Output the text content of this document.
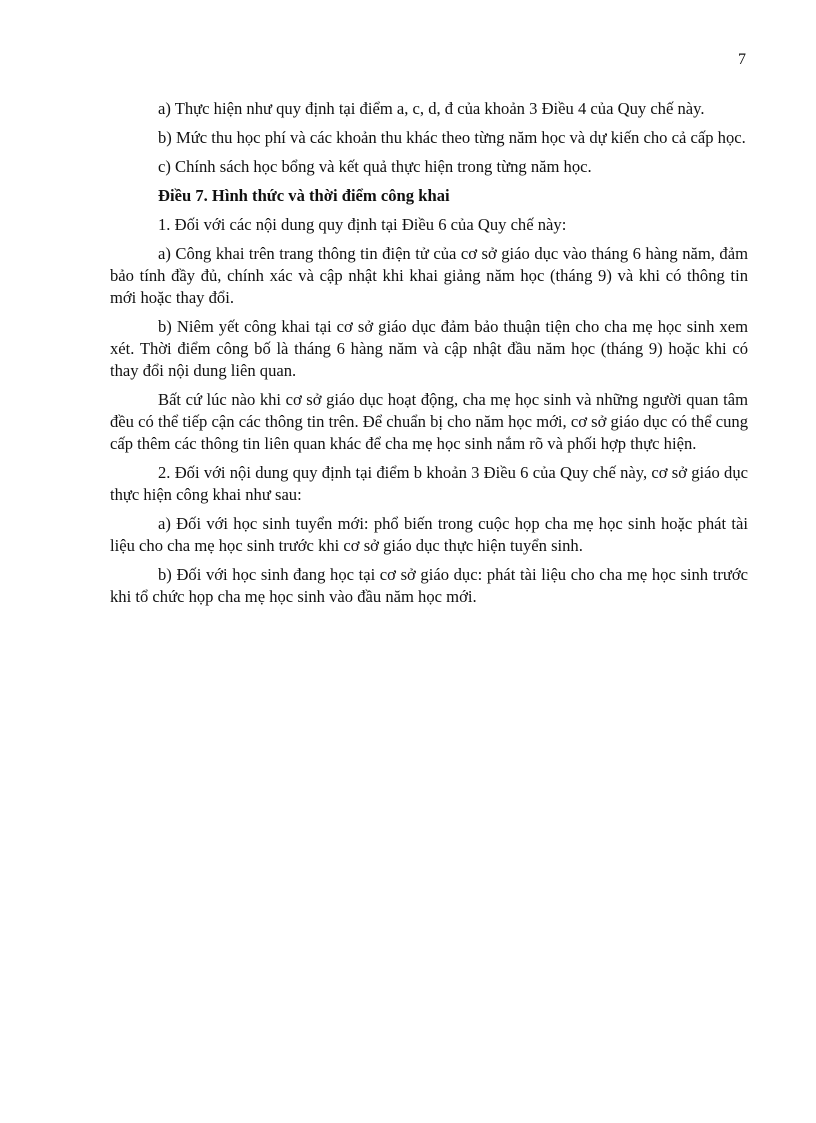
7

a) Thực hiện như quy định tại điểm a, c, d, đ của khoản 3 Điều 4 của Quy chế này.

b) Mức thu học phí và các khoản thu khác theo từng năm học và dự kiến cho cả cấp học.

c) Chính sách học bổng và kết quả thực hiện trong từng năm học.

Điều 7. Hình thức và thời điểm công khai

1. Đối với các nội dung quy định tại Điều 6 của Quy chế này:

a) Công khai trên trang thông tin điện tử của cơ sở giáo dục vào tháng 6 hàng năm, đảm bảo tính đầy đủ, chính xác và cập nhật khi khai giảng năm học (tháng 9) và khi có thông tin mới hoặc thay đổi.

b) Niêm yết công khai tại cơ sở giáo dục đảm bảo thuận tiện cho cha mẹ học sinh xem xét. Thời điểm công bố là tháng 6 hàng năm và cập nhật đầu năm học (tháng 9) hoặc khi có thay đổi nội dung liên quan.

Bất cứ lúc nào khi cơ sở giáo dục hoạt động, cha mẹ học sinh và những người quan tâm đều có thể tiếp cận các thông tin trên. Để chuẩn bị cho năm học mới, cơ sở giáo dục có thể cung cấp thêm các thông tin liên quan khác để cha mẹ học sinh nắm rõ và phối hợp thực hiện.

2. Đối với nội dung quy định tại điểm b khoản 3 Điều 6 của Quy chế này, cơ sở giáo dục thực hiện công khai như sau:

a) Đối với học sinh tuyển mới: phổ biến trong cuộc họp cha mẹ học sinh hoặc phát tài liệu cho cha mẹ học sinh trước khi cơ sở giáo dục thực hiện tuyển sinh.

b) Đối với học sinh đang học tại cơ sở giáo dục: phát tài liệu cho cha mẹ học sinh trước khi tổ chức họp cha mẹ học sinh vào đầu năm học mới.
